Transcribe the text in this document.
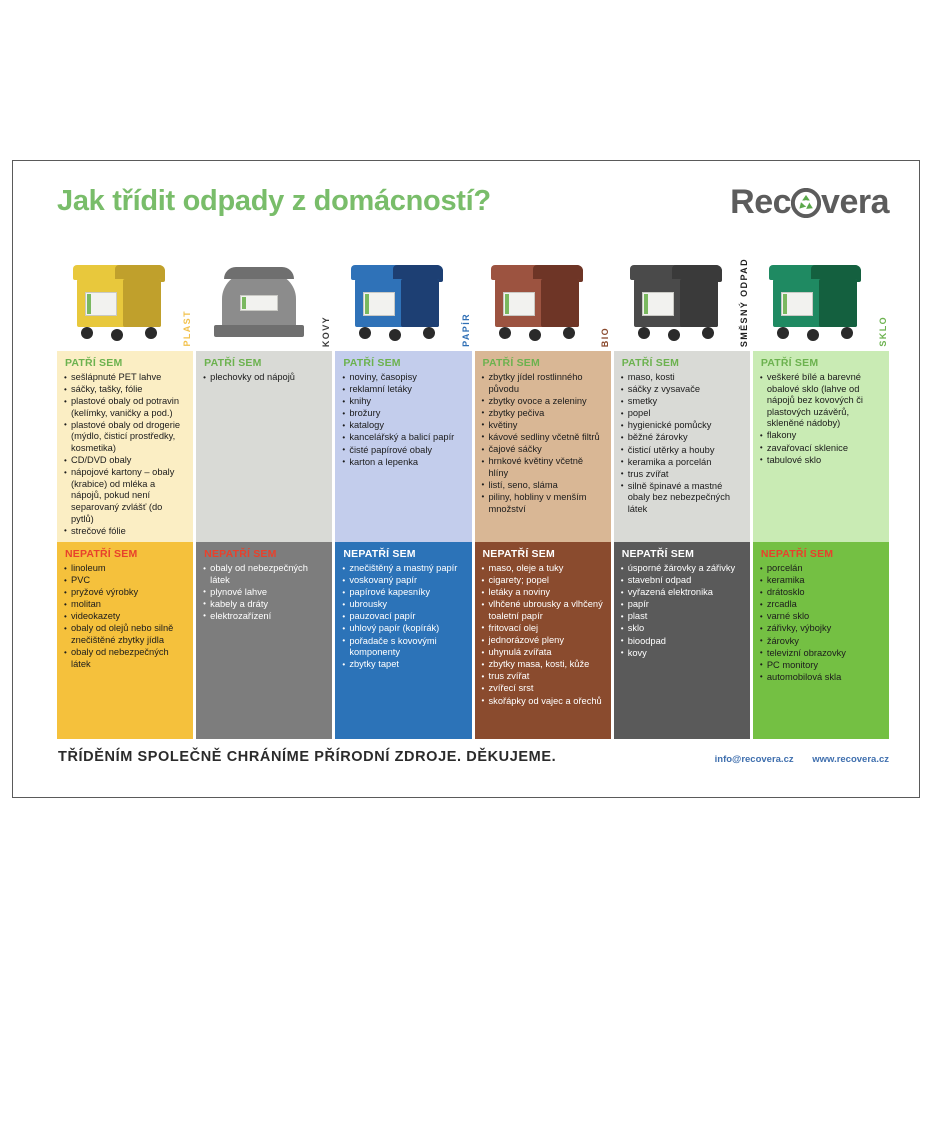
Jak třídit odpady z domácností?	Rec vera
PLAST
PATŘÍ SEM
• sešlápnuté PET lahve
• sáčky, tašky, fólie
• plastové obaly od potravin (kelímky, vaničky a pod.)
• plastové obaly od drogerie (mýdlo, čisticí prostředky, kosmetika)
• CD/DVD obaly
• nápojové kartony – obaly (krabice) od mléka a nápojů, pokud není separovaný zvlášť (do pytlů)
• strečové fólie
NEPATŘÍ SEM
• linoleum
• PVC
• pryžové výrobky
• molitan
• videokazety
• obaly od olejů nebo silně znečištěné zbytky jídla
• obaly od nebezpečných látek
KOVY
PATŘÍ SEM
• plechovky od nápojů
NEPATŘÍ SEM
• obaly od nebezpečných látek
• plynové lahve
• kabely a dráty
• elektrozařízení
PAPÍR
PATŘÍ SEM
• noviny, časopisy
• reklamní letáky
• knihy
• brožury
• katalogy
• kancelářský a balicí papír
• čisté papírové obaly
• karton a lepenka
NEPATŘÍ SEM
• znečištěný a mastný papír
• voskovaný papír
• papírové kapesníky
• ubrousky
• pauzovací papír
• uhlový papír (kopírák)
• pořadače s kovovými komponenty
• zbytky tapet
BIO
PATŘÍ SEM
• zbytky jídel rostlinného původu
• zbytky ovoce a zeleniny
• zbytky pečiva
• květiny
• kávové sedliny včetně filtrů
• čajové sáčky
• hrnkové květiny včetně hlíny
• listí, seno, sláma
• piliny, hobliny v menším množství
NEPATŘÍ SEM
• maso, oleje a tuky
• cigarety; popel
• letáky a noviny
• vlhčené ubrousky a vlhčený toaletní papír
• fritovací olej
• jednorázové pleny
• uhynulá zvířata
• zbytky masa, kosti, kůže
• trus zvířat
• zvířecí srst
• skořápky od vajec a ořechů
SMĚSNÝ ODPAD
PATŘÍ SEM
• maso, kosti
• sáčky z vysavače
• smetky
• popel
• hygienické pomůcky
• běžné žárovky
• čisticí utěrky a houby
• keramika a porcelán
• trus zvířat
• silně špinavé a mastné obaly bez nebezpečných látek
NEPATŘÍ SEM
• úsporné žárovky a zářivky
• stavební odpad
• vyřazená elektronika
• papír
• plast
• sklo
• bioodpad
• kovy
SKLO
PATŘÍ SEM
• veškeré bílé a barevné obalové sklo (lahve od nápojů bez kovových či plastových uzávěrů, skleněné nádoby)
• flakony
• zavařovací sklenice
• tabulové sklo
NEPATŘÍ SEM
• porcelán
• keramika
• drátosklo
• zrcadla
• varné sklo
• zářivky, výbojky
• žárovky
• televizní obrazovky
• PC monitory
• automobilová skla
TŘÍDĚNÍM SPOLEČNĚ CHRÁNÍME PŘÍRODNÍ ZDROJE. DĚKUJEME.	info@recovera.cz www.recovera.cz
